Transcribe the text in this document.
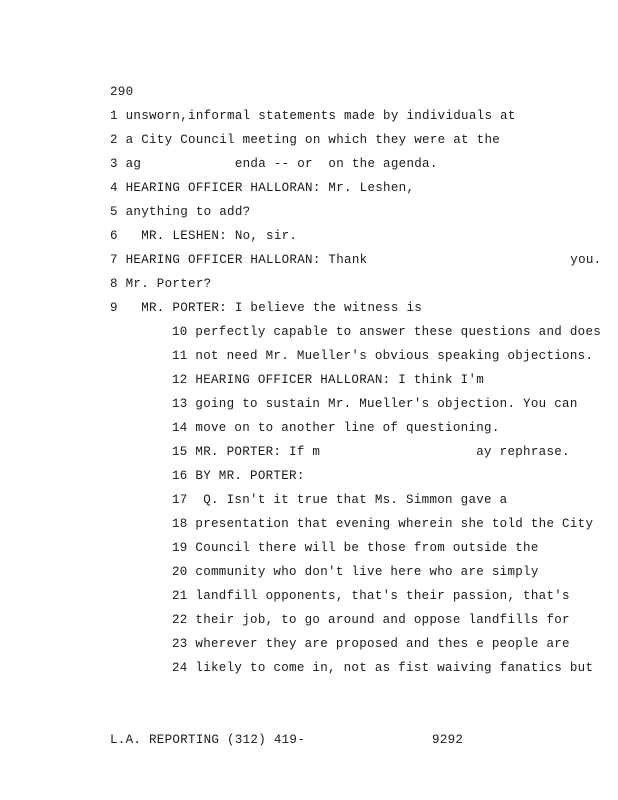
290
1 unsworn,informal statements made by individuals at
2 a City Council meeting on which they were at the
3 ag            enda -- or  on the agenda.
4 HEARING OFFICER HALLORAN: Mr. Leshen,
5 anything to add?
6   MR. LESHEN: No, sir.
7 HEARING OFFICER HALLORAN: Thank                          you.
8 Mr. Porter?
9   MR. PORTER: I believe the witness is
10 perfectly capable to answer these questions and does
11 not need Mr. Mueller's obvious speaking objections.
12 HEARING OFFICER HALLORAN: I think I'm
13 going to sustain Mr. Mueller's objection. You can
14 move on to another line of questioning.
15 MR. PORTER: If m                    ay rephrase.
16 BY MR. PORTER:
17  Q. Isn't it true that Ms. Simmon gave a
18 presentation that evening wherein she told the City
19 Council there will be those from outside the
20 community who don't live here who are simply
21 landfill opponents, that's their passion, that's
22 their job, to go around and oppose landfills for
23 wherever they are proposed and thes e people are
24 likely to come in, not as fist waiving fanatics but
L.A. REPORTING (312) 419-	9292
